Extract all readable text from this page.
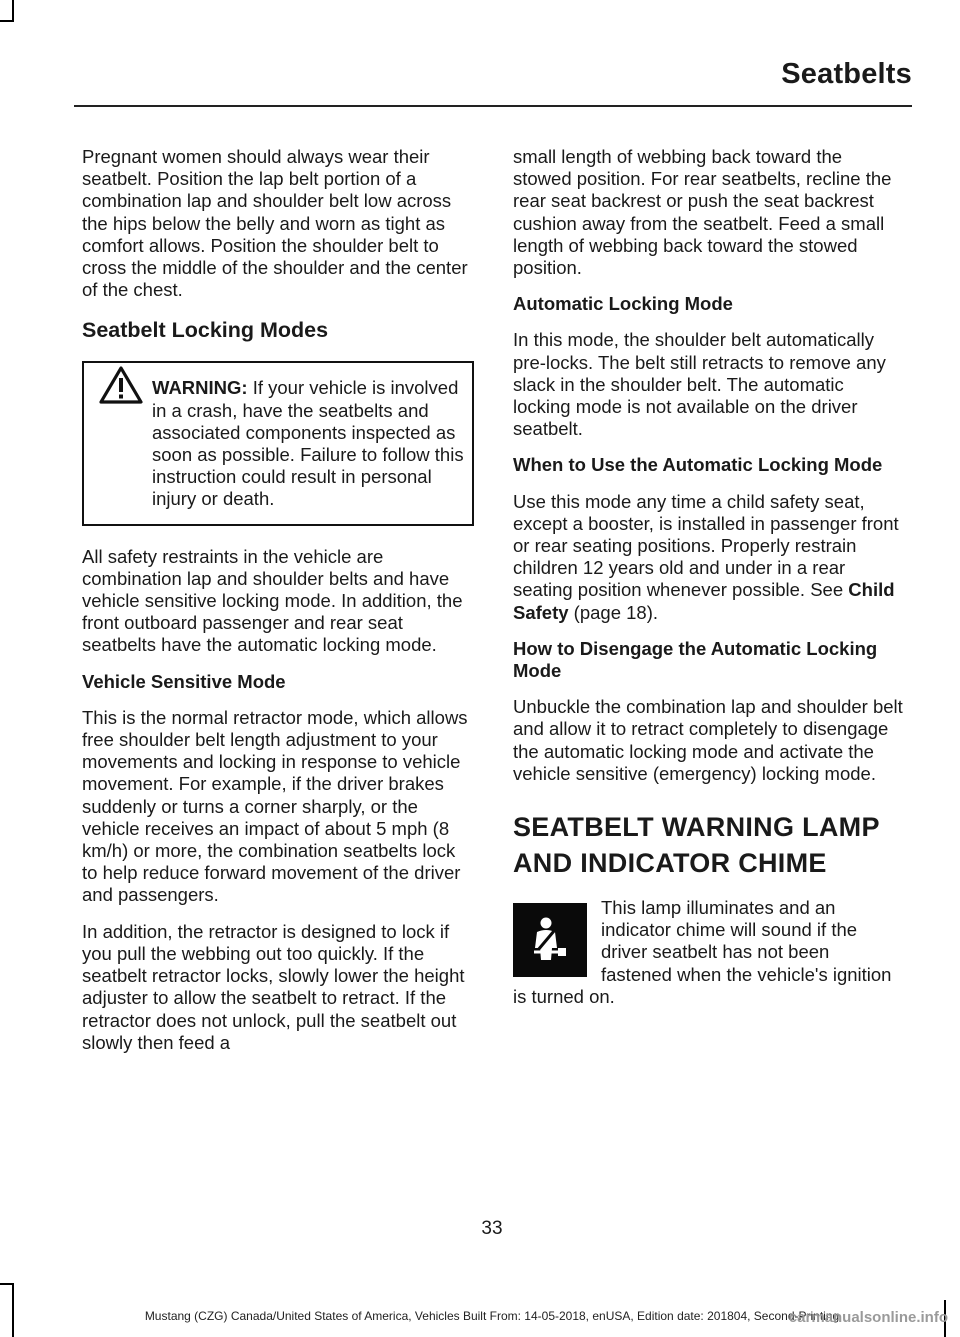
Seatbelts

Pregnant women should always wear their seatbelt. Position the lap belt portion of a combination lap and shoulder belt low across the hips below the belly and worn as tight as comfort allows. Position the shoulder belt to cross the middle of the shoulder and the center of the chest.

Seatbelt Locking Modes
WARNING: If your vehicle is involved in a crash, have the seatbelts and associated components inspected as soon as possible. Failure to follow this instruction could result in personal injury or death.

All safety restraints in the vehicle are combination lap and shoulder belts and have vehicle sensitive locking mode. In addition, the front outboard passenger and rear seat seatbelts have the automatic locking mode.

Vehicle Sensitive Mode

This is the normal retractor mode, which allows free shoulder belt length adjustment to your movements and locking in response to vehicle movement. For example, if the driver brakes suddenly or turns a corner sharply, or the vehicle receives an impact of about 5 mph (8 km/h) or more, the combination seatbelts lock to help reduce forward movement of the driver and passengers.

In addition, the retractor is designed to lock if you pull the webbing out too quickly. If the seatbelt retractor locks, slowly lower the height adjuster to allow the seatbelt to retract. If the retractor does not unlock, pull the seatbelt out slowly then feed a

small length of webbing back toward the stowed position. For rear seatbelts, recline the rear seat backrest or push the seat backrest cushion away from the seatbelt. Feed a small length of webbing back toward the stowed position.

Automatic Locking Mode

In this mode, the shoulder belt automatically pre-locks. The belt still retracts to remove any slack in the shoulder belt. The automatic locking mode is not available on the driver seatbelt.

When to Use the Automatic Locking Mode

Use this mode any time a child safety seat, except a booster, is installed in passenger front or rear seating positions. Properly restrain children 12 years old and under in a rear seating position whenever possible. See Child Safety (page 18).

How to Disengage the Automatic Locking Mode

Unbuckle the combination lap and shoulder belt and allow it to retract completely to disengage the automatic locking mode and activate the vehicle sensitive (emergency) locking mode.

SEATBELT WARNING LAMP
AND INDICATOR CHIME
This lamp illuminates and an indicator chime will sound if the driver seatbelt has not been fastened when the vehicle's ignition is turned on.
33
Mustang (CZG) Canada/United States of America, Vehicles Built From: 14-05-2018, enUSA, Edition date: 201804, Second-Printing
carmanualsonline.info
